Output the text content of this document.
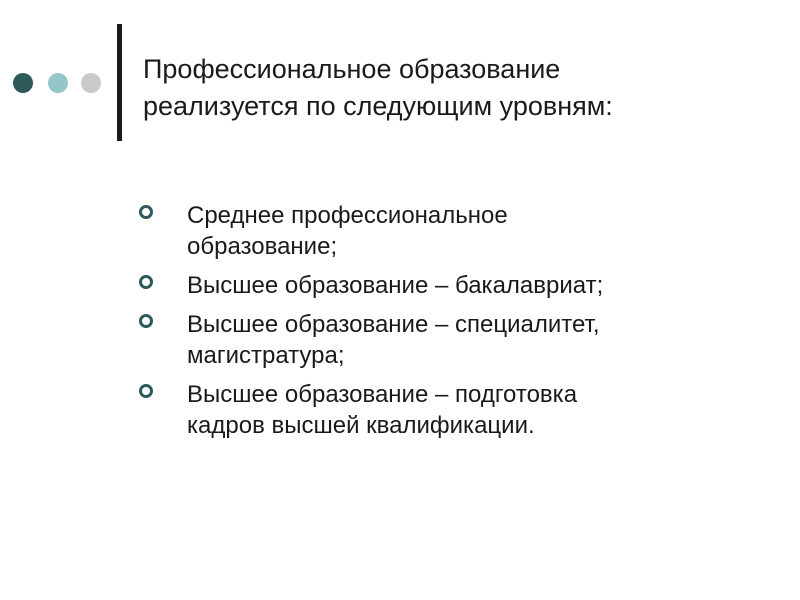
Профессиональное образование
реализуется по следующим уровням:
Среднее профессиональное
образование;
Высшее образование – бакалавриат;
Высшее образование – специалитет,
магистратура;
Высшее образование – подготовка
кадров высшей квалификации.
